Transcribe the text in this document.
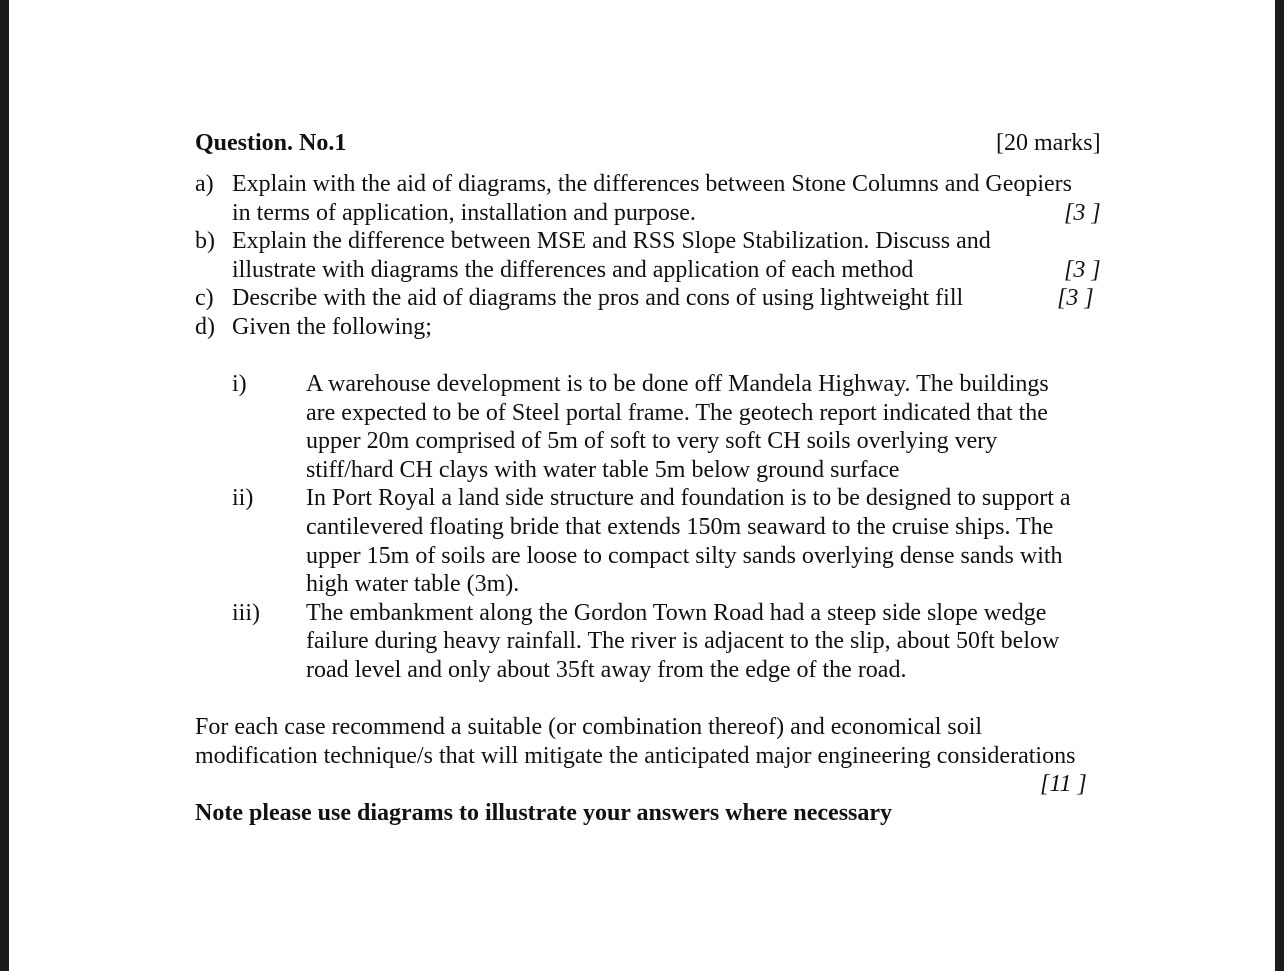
Question. No.1	[20 marks]
a) Explain with the aid of diagrams, the differences between Stone Columns and Geopiers
in terms of application, installation and purpose.	[3 ]
b) Explain the difference between MSE and RSS Slope Stabilization. Discuss and
illustrate with diagrams the differences and application of each method	[3 ]
c) Describe with the aid of diagrams the pros and cons of using lightweight fill	[3 ]
d) Given the following;
i) A warehouse development is to be done off Mandela Highway. The buildings
are expected to be of Steel portal frame. The geotech report indicated that the
upper 20m comprised of 5m of soft to very soft CH soils overlying very
stiff/hard CH clays with water table 5m below ground surface
ii) In Port Royal a land side structure and foundation is to be designed to support a
cantilevered floating bride that extends 150m seaward to the cruise ships. The
upper 15m of soils are loose to compact silty sands overlying dense sands with
high water table (3m).
iii) The embankment along the Gordon Town Road had a steep side slope wedge
failure during heavy rainfall. The river is adjacent to the slip, about 50ft below
road level and only about 35ft away from the edge of the road.
For each case recommend a suitable (or combination thereof) and economical soil
modification technique/s that will mitigate the anticipated major engineering considerations
[11 ]
Note please use diagrams to illustrate your answers where necessary
